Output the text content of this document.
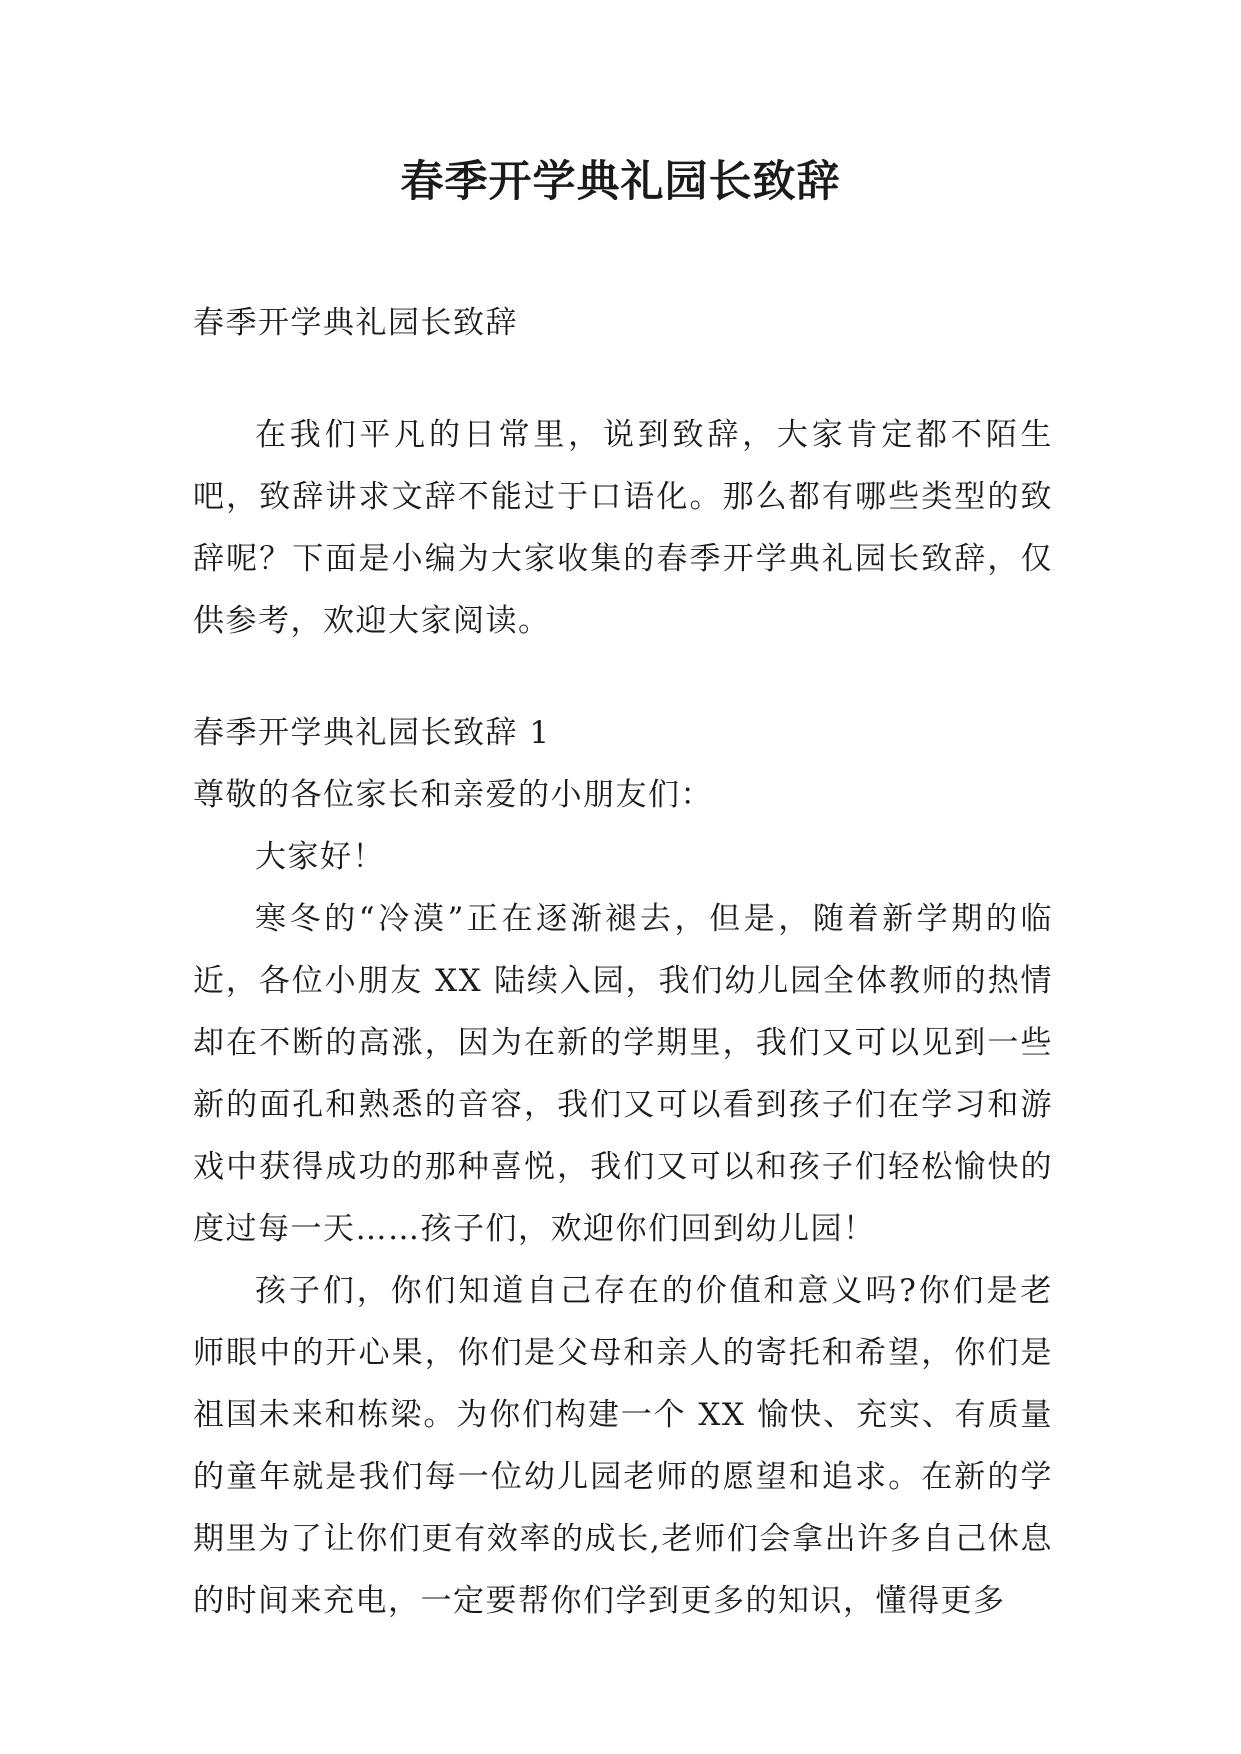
春季开学典礼园长致辞

春季开学典礼园长致辞

在我们平凡的日常里，说到致辞，大家肯定都不陌生吧，致辞讲求文辞不能过于口语化。那么都有哪些类型的致辞呢？下面是小编为大家收集的春季开学典礼园长致辞，仅供参考，欢迎大家阅读。

春季开学典礼园长致辞 1

尊敬的各位家长和亲爱的小朋友们：

大家好！

寒冬的“冷漠”正在逐渐褪去，但是，随着新学期的临近，各位小朋友 XX 陆续入园，我们幼儿园全体教师的热情却在不断的高涨，因为在新的学期里，我们又可以见到一些新的面孔和熟悉的音容，我们又可以看到孩子们在学习和游戏中获得成功的那种喜悦，我们又可以和孩子们轻松愉快的度过每一天……孩子们，欢迎你们回到幼儿园！

孩子们，你们知道自己存在的价值和意义吗?你们是老师眼中的开心果，你们是父母和亲人的寄托和希望，你们是祖国未来和栋梁。为你们构建一个 XX 愉快、充实、有质量的童年就是我们每一位幼儿园老师的愿望和追求。在新的学期里为了让你们更有效率的成长,老师们会拿出许多自己休息的时间来充电，一定要帮你们学到更多的知识，懂得更多
